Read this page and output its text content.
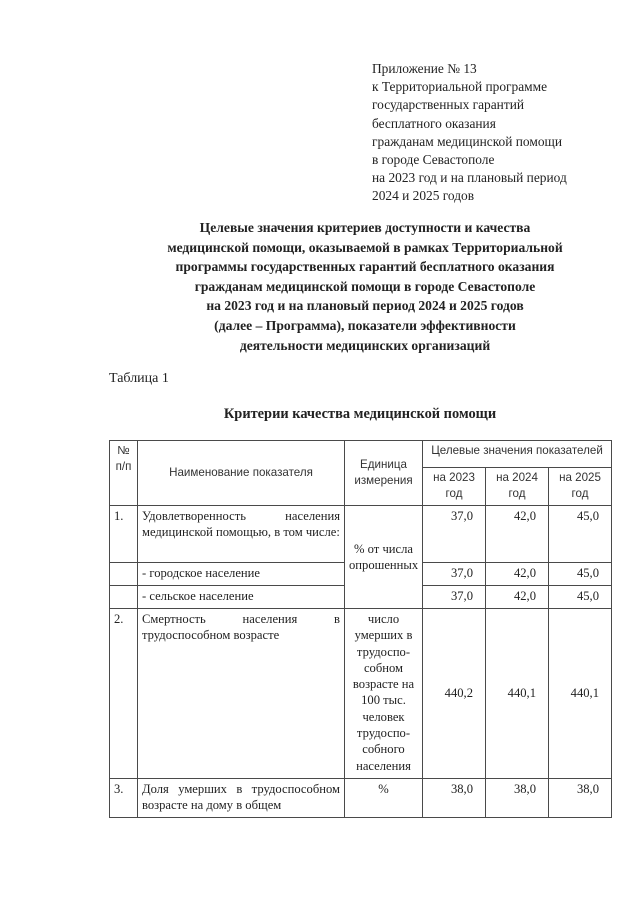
Приложение № 13
к Территориальной программе
государственных гарантий
бесплатного оказания
гражданам медицинской помощи
в городе Севастополе
на 2023 год и на плановый период
2024 и 2025 годов
Целевые значения критериев доступности и качества
медицинской помощи, оказываемой в рамках Территориальной
программы государственных гарантий бесплатного оказания
гражданам медицинской помощи в городе Севастополе
на 2023 год и на плановый период 2024 и 2025 годов
(далее – Программа), показатели эффективности
деятельности медицинских организаций
Таблица 1
Критерии качества медицинской помощи
№ п/п	Наименование показателя	Единица измерения	Целевые значения показателей		
			на 2023 год	на 2024 год	на 2025 год
1.	Удовлетворенность населения медицинской помощью, в том числе:	% от числа опрошенных	37,0	42,0	45,0
	- городское население		37,0	42,0	45,0
	- сельское население		37,0	42,0	45,0
2.	Смертность населения в трудоспособном возрасте	число умерших в трудоспо-собном возрасте на 100 тыс. человек трудоспо-собного населения	440,2	440,1	440,1
3.	Доля умерших в трудоспособном возрасте на дому в общем	%	38,0	38,0	38,0
